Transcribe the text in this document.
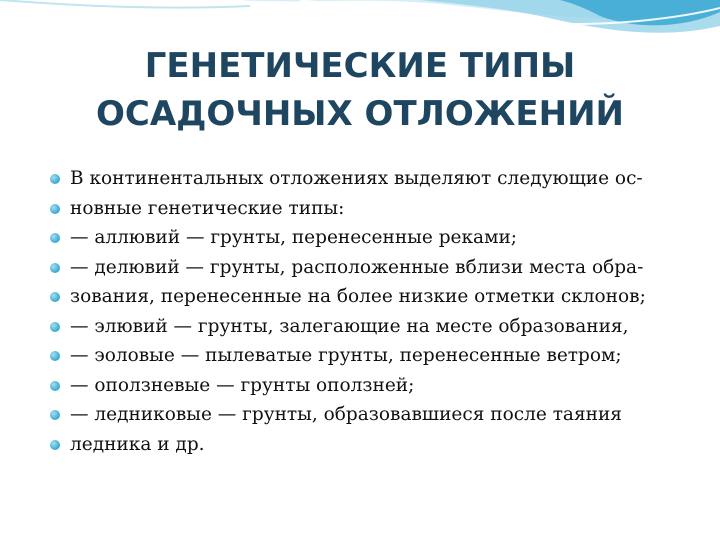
ГЕНЕТИЧЕСКИЕ ТИПЫ
ОСАДОЧНЫХ ОТЛОЖЕНИЙ
В континентальных отложениях выделяют следующие ос-
новные генетические типы:
— аллювий — грунты, перенесенные реками;
— делювий — грунты, расположенные вблизи места обра-
зования, перенесенные на более низкие отметки склонов;
— элювий — грунты, залегающие на месте образования,
— эоловые — пылеватые грунты, перенесенные ветром;
— оползневые — грунты оползней;
— ледниковые — грунты, образовавшиеся после таяния
ледника и др.
